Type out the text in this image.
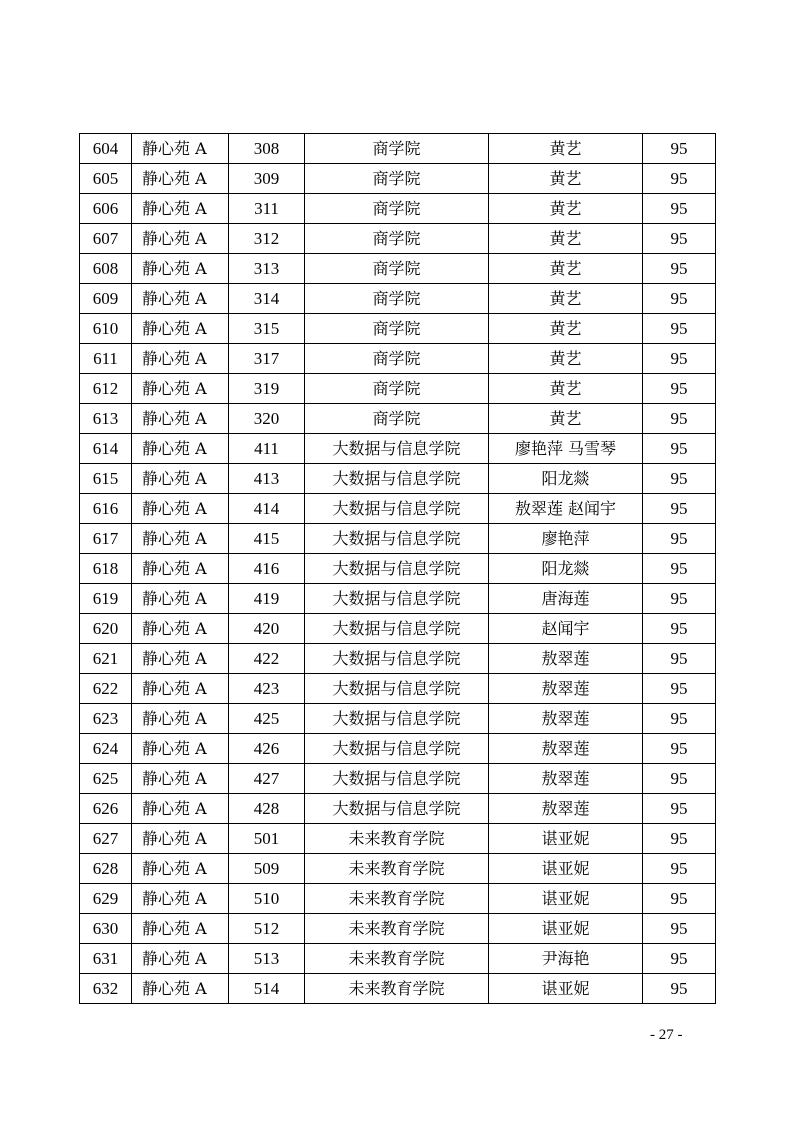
604	静心苑 A	308	商学院	黄艺	95
605	静心苑 A	309	商学院	黄艺	95
606	静心苑 A	311	商学院	黄艺	95
607	静心苑 A	312	商学院	黄艺	95
608	静心苑 A	313	商学院	黄艺	95
609	静心苑 A	314	商学院	黄艺	95
610	静心苑 A	315	商学院	黄艺	95
611	静心苑 A	317	商学院	黄艺	95
612	静心苑 A	319	商学院	黄艺	95
613	静心苑 A	320	商学院	黄艺	95
614	静心苑 A	411	大数据与信息学院	廖艳萍 马雪琴	95
615	静心苑 A	413	大数据与信息学院	阳龙燚	95
616	静心苑 A	414	大数据与信息学院	敖翠莲 赵闻宇	95
617	静心苑 A	415	大数据与信息学院	廖艳萍	95
618	静心苑 A	416	大数据与信息学院	阳龙燚	95
619	静心苑 A	419	大数据与信息学院	唐海莲	95
620	静心苑 A	420	大数据与信息学院	赵闻宇	95
621	静心苑 A	422	大数据与信息学院	敖翠莲	95
622	静心苑 A	423	大数据与信息学院	敖翠莲	95
623	静心苑 A	425	大数据与信息学院	敖翠莲	95
624	静心苑 A	426	大数据与信息学院	敖翠莲	95
625	静心苑 A	427	大数据与信息学院	敖翠莲	95
626	静心苑 A	428	大数据与信息学院	敖翠莲	95
627	静心苑 A	501	未来教育学院	谌亚妮	95
628	静心苑 A	509	未来教育学院	谌亚妮	95
629	静心苑 A	510	未来教育学院	谌亚妮	95
630	静心苑 A	512	未来教育学院	谌亚妮	95
631	静心苑 A	513	未来教育学院	尹海艳	95
632	静心苑 A	514	未来教育学院	谌亚妮	95
- 27 -
